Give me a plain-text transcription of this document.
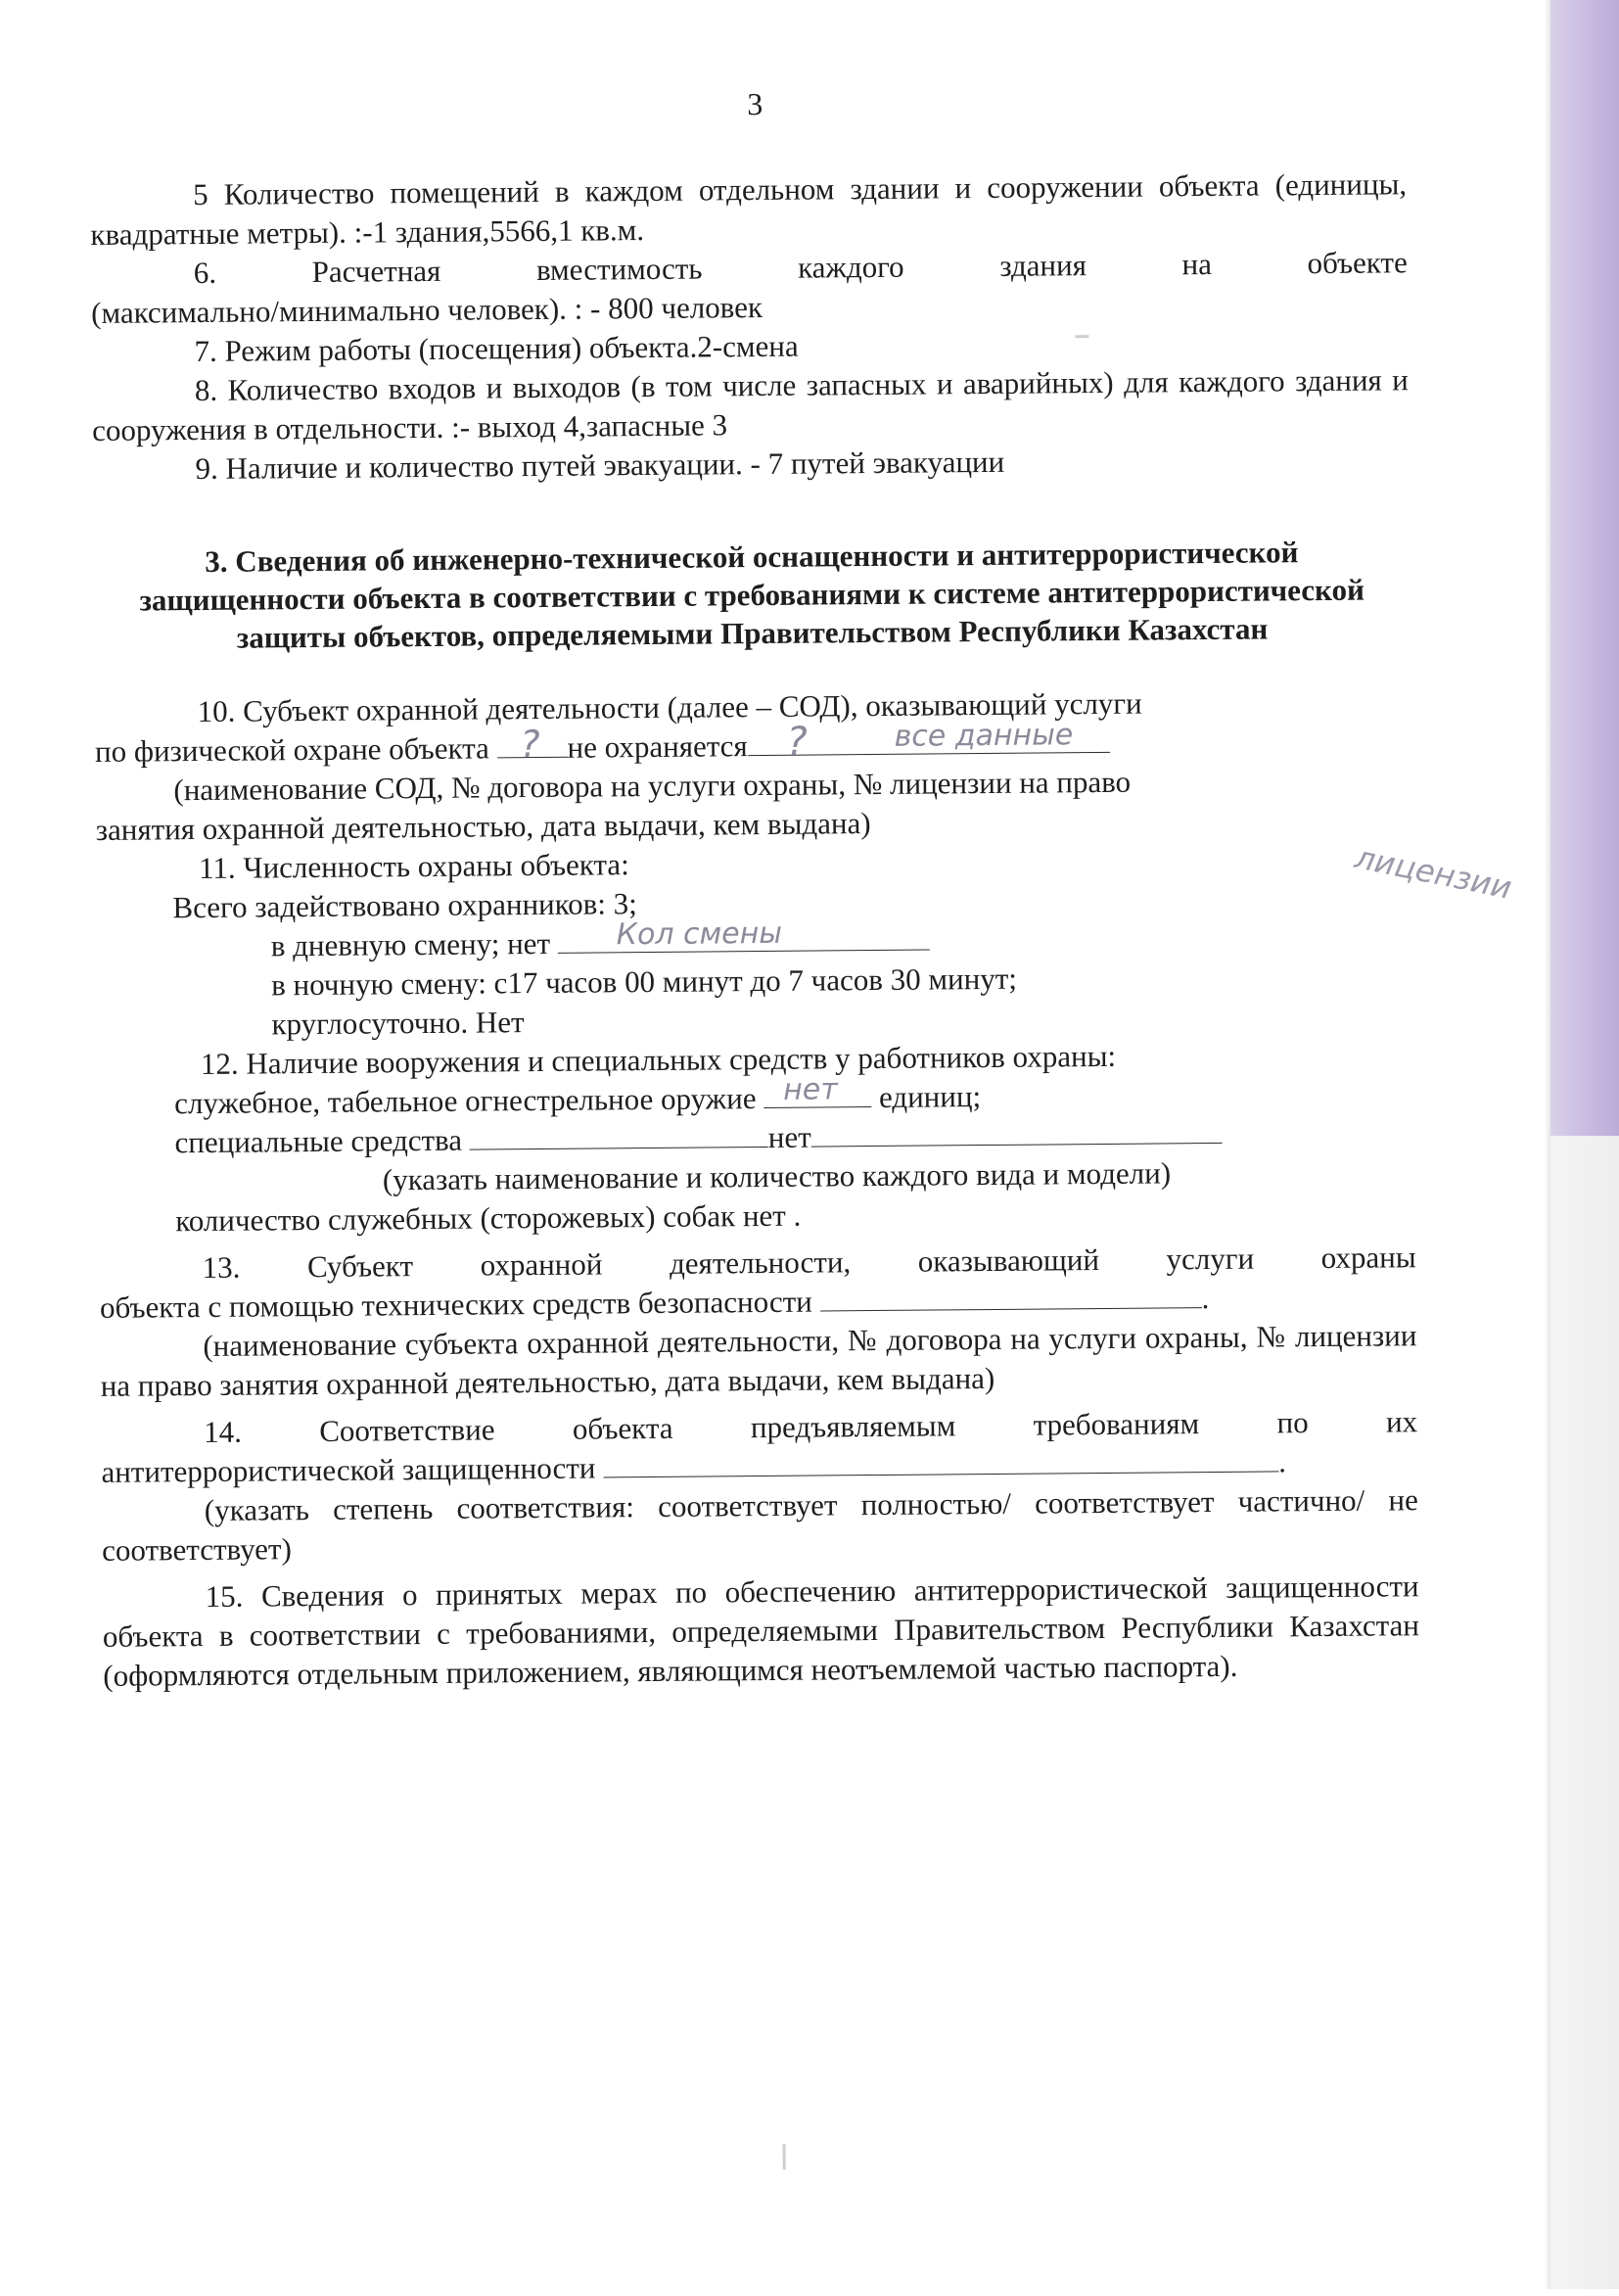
3

5 Количество помещений в каждом отдельном здании и сооружении объекта (единицы, квадратные метры). :-1 здания,5566,1 кв.м.

6. Расчетная вместимость каждого здания на объекте

(максимально/минимально человек). : - 800 человек

7. Режим работы (посещения) объекта.2-смена

8. Количество входов и выходов (в том числе запасных и аварийных) для каждого здания и сооружения в отдельности. :- выход 4,запасные 3

9. Наличие и количество путей эвакуации. - 7 путей эвакуации

3. Сведения об инженерно-технической оснащенности и антитеррористической защищенности объекта в соответствии с требованиями к системе антитеррористической защиты объектов, определяемыми Правительством Республики Казахстан

10. Субъект охранной деятельности (далее – СОД), оказывающий услуги

по физической охране объекта ? не охраняется ?	все данные

(наименование СОД, № договора на услуги охраны, № лицензии на право

занятия охранной деятельностью, дата выдачи, кем выдана)

11. Численность охраны объекта:

Всего задействовано охранников: 3;

в дневную смену; нет Кол смены

в ночную смену: с17 часов 00 минут до 7 часов 30 минут;

круглосуточно. Нет

12. Наличие вооружения и специальных средств у работников охраны:

служебное, табельное огнестрельное оружие нет единиц;

специальные средства	нет

(указать наименование и количество каждого вида и модели)

количество служебных (сторожевых) собак нет .

13. Субъект охранной деятельности, оказывающий услуги охраны

объекта с помощью технических средств безопасности	.

(наименование субъекта охранной деятельности, № договора на услуги охраны, № лицензии на право занятия охранной деятельностью, дата выдачи, кем выдана)

14. Соответствие объекта предъявляемым требованиям по их

антитеррористической защищенности	.

(указать степень соответствия: соответствует полностью/ соответствует частично/ не соответствует)

15. Сведения о принятых мерах по обеспечению антитеррористической защищенности объекта в соответствии с требованиями, определяемыми Правительством Республики Казахстан (оформляются отдельным приложением, являющимся неотъемлемой частью паспорта).

лицензии
